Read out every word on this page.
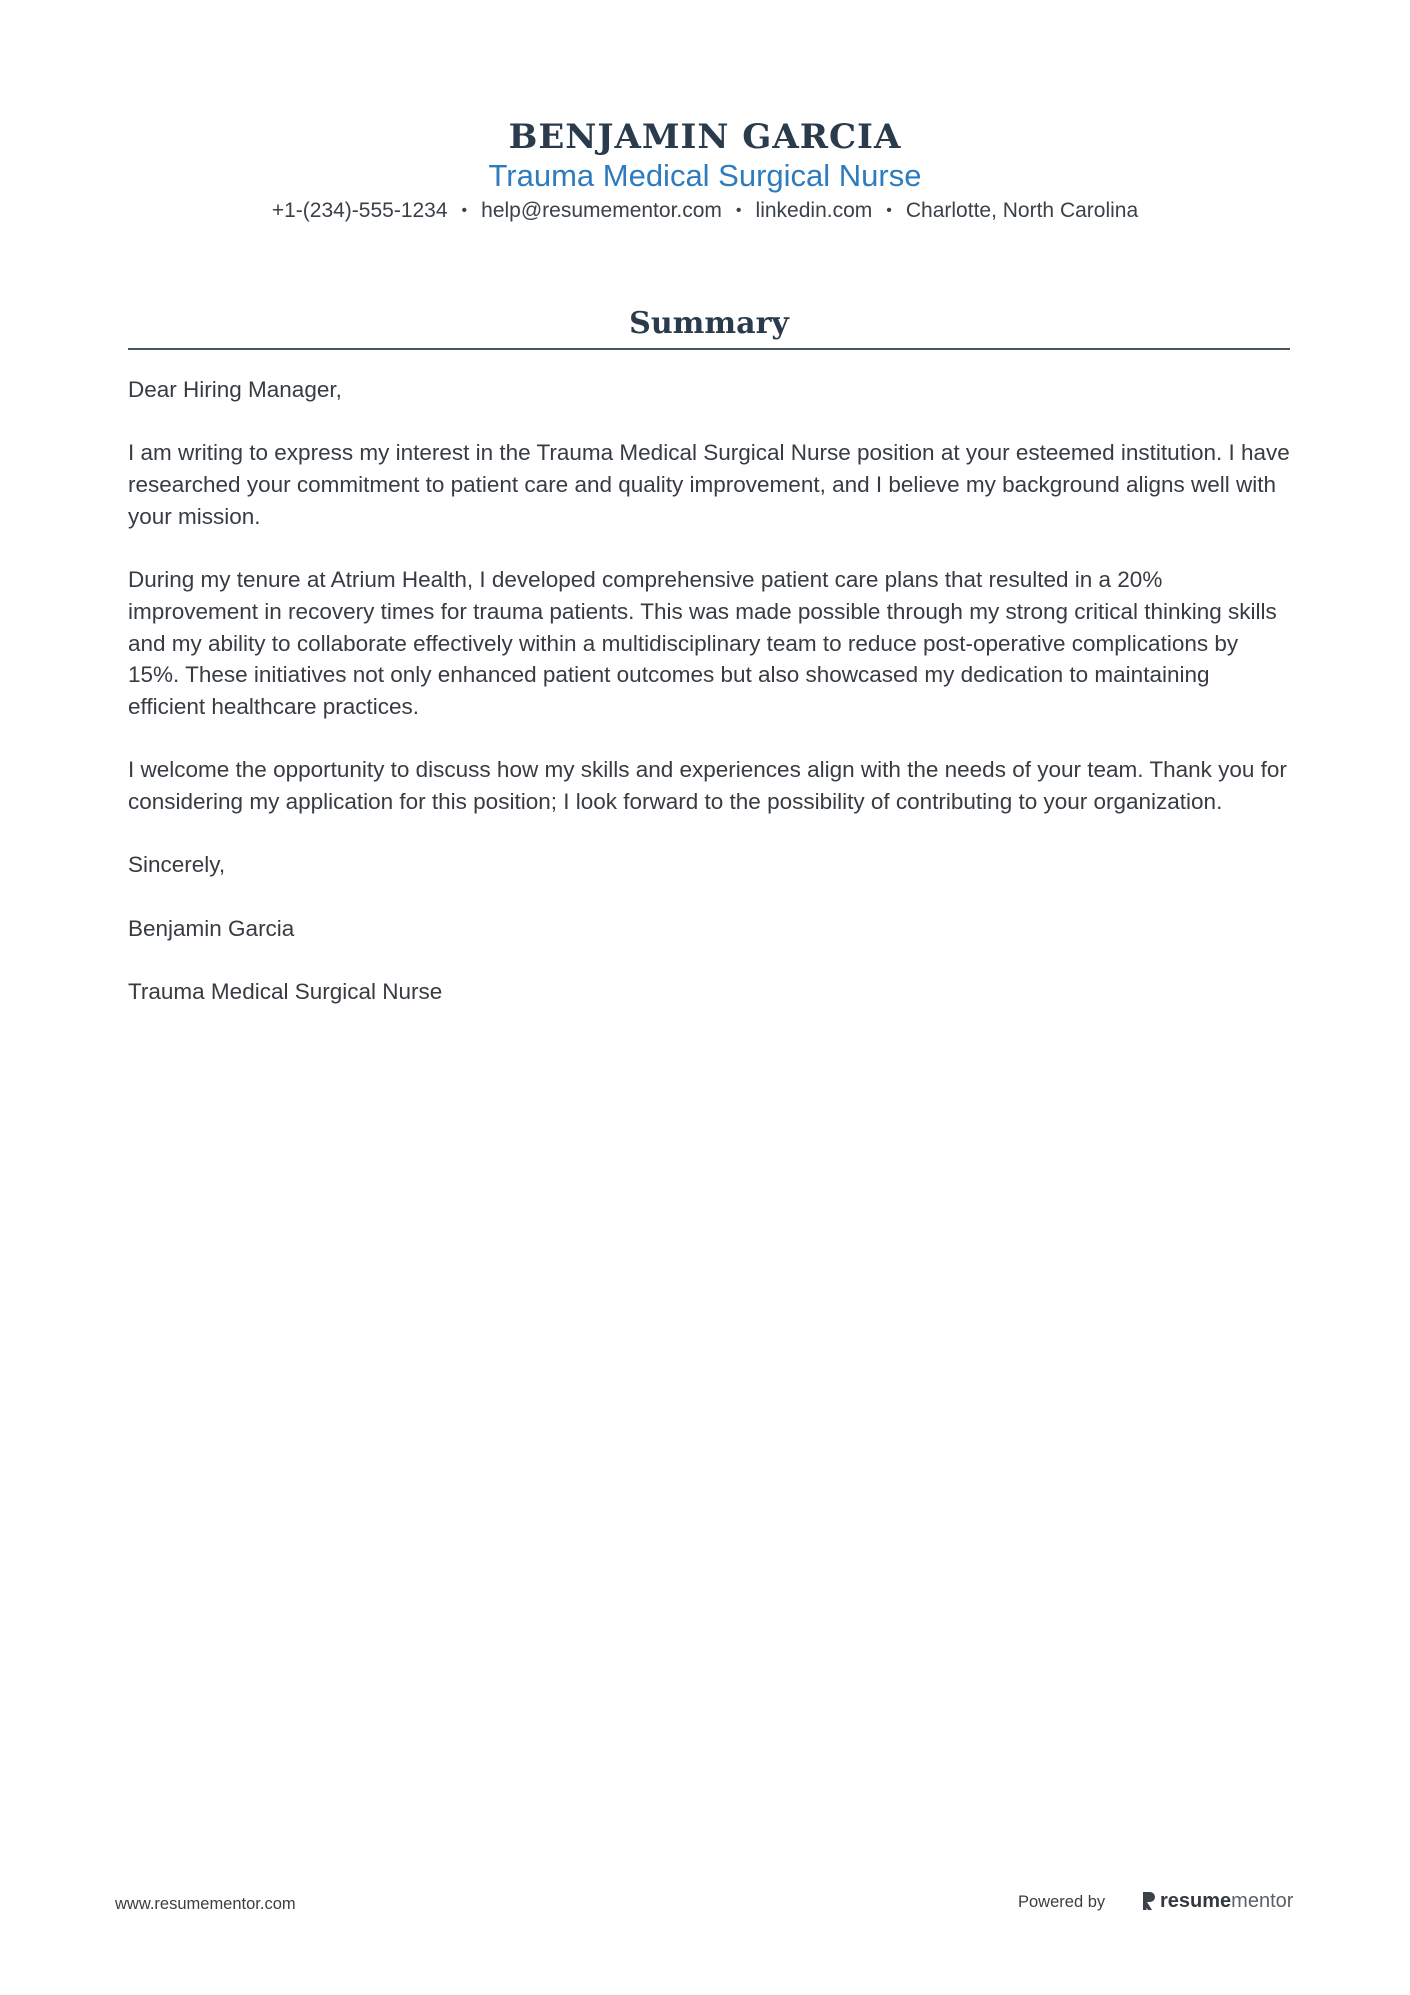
BENJAMIN GARCIA
Trauma Medical Surgical Nurse
+1-(234)-555-1234 • help@resumementor.com • linkedin.com • Charlotte, North Carolina
Summary

Dear Hiring Manager,

I am writing to express my interest in the Trauma Medical Surgical Nurse position at your esteemed institution. I have researched your commitment to patient care and quality improvement, and I believe my background aligns well with your mission.

During my tenure at Atrium Health, I developed comprehensive patient care plans that resulted in a 20% improvement in recovery times for trauma patients. This was made possible through my strong critical thinking skills and my ability to collaborate effectively within a multidisciplinary team to reduce post-operative complications by 15%. These initiatives not only enhanced patient outcomes but also showcased my dedication to maintaining efficient healthcare practices.

I welcome the opportunity to discuss how my skills and experiences align with the needs of your team. Thank you for considering my application for this position; I look forward to the possibility of contributing to your organization.

Sincerely,

Benjamin Garcia

Trauma Medical Surgical Nurse

www.resumementor.com	Powered by	resumementor
